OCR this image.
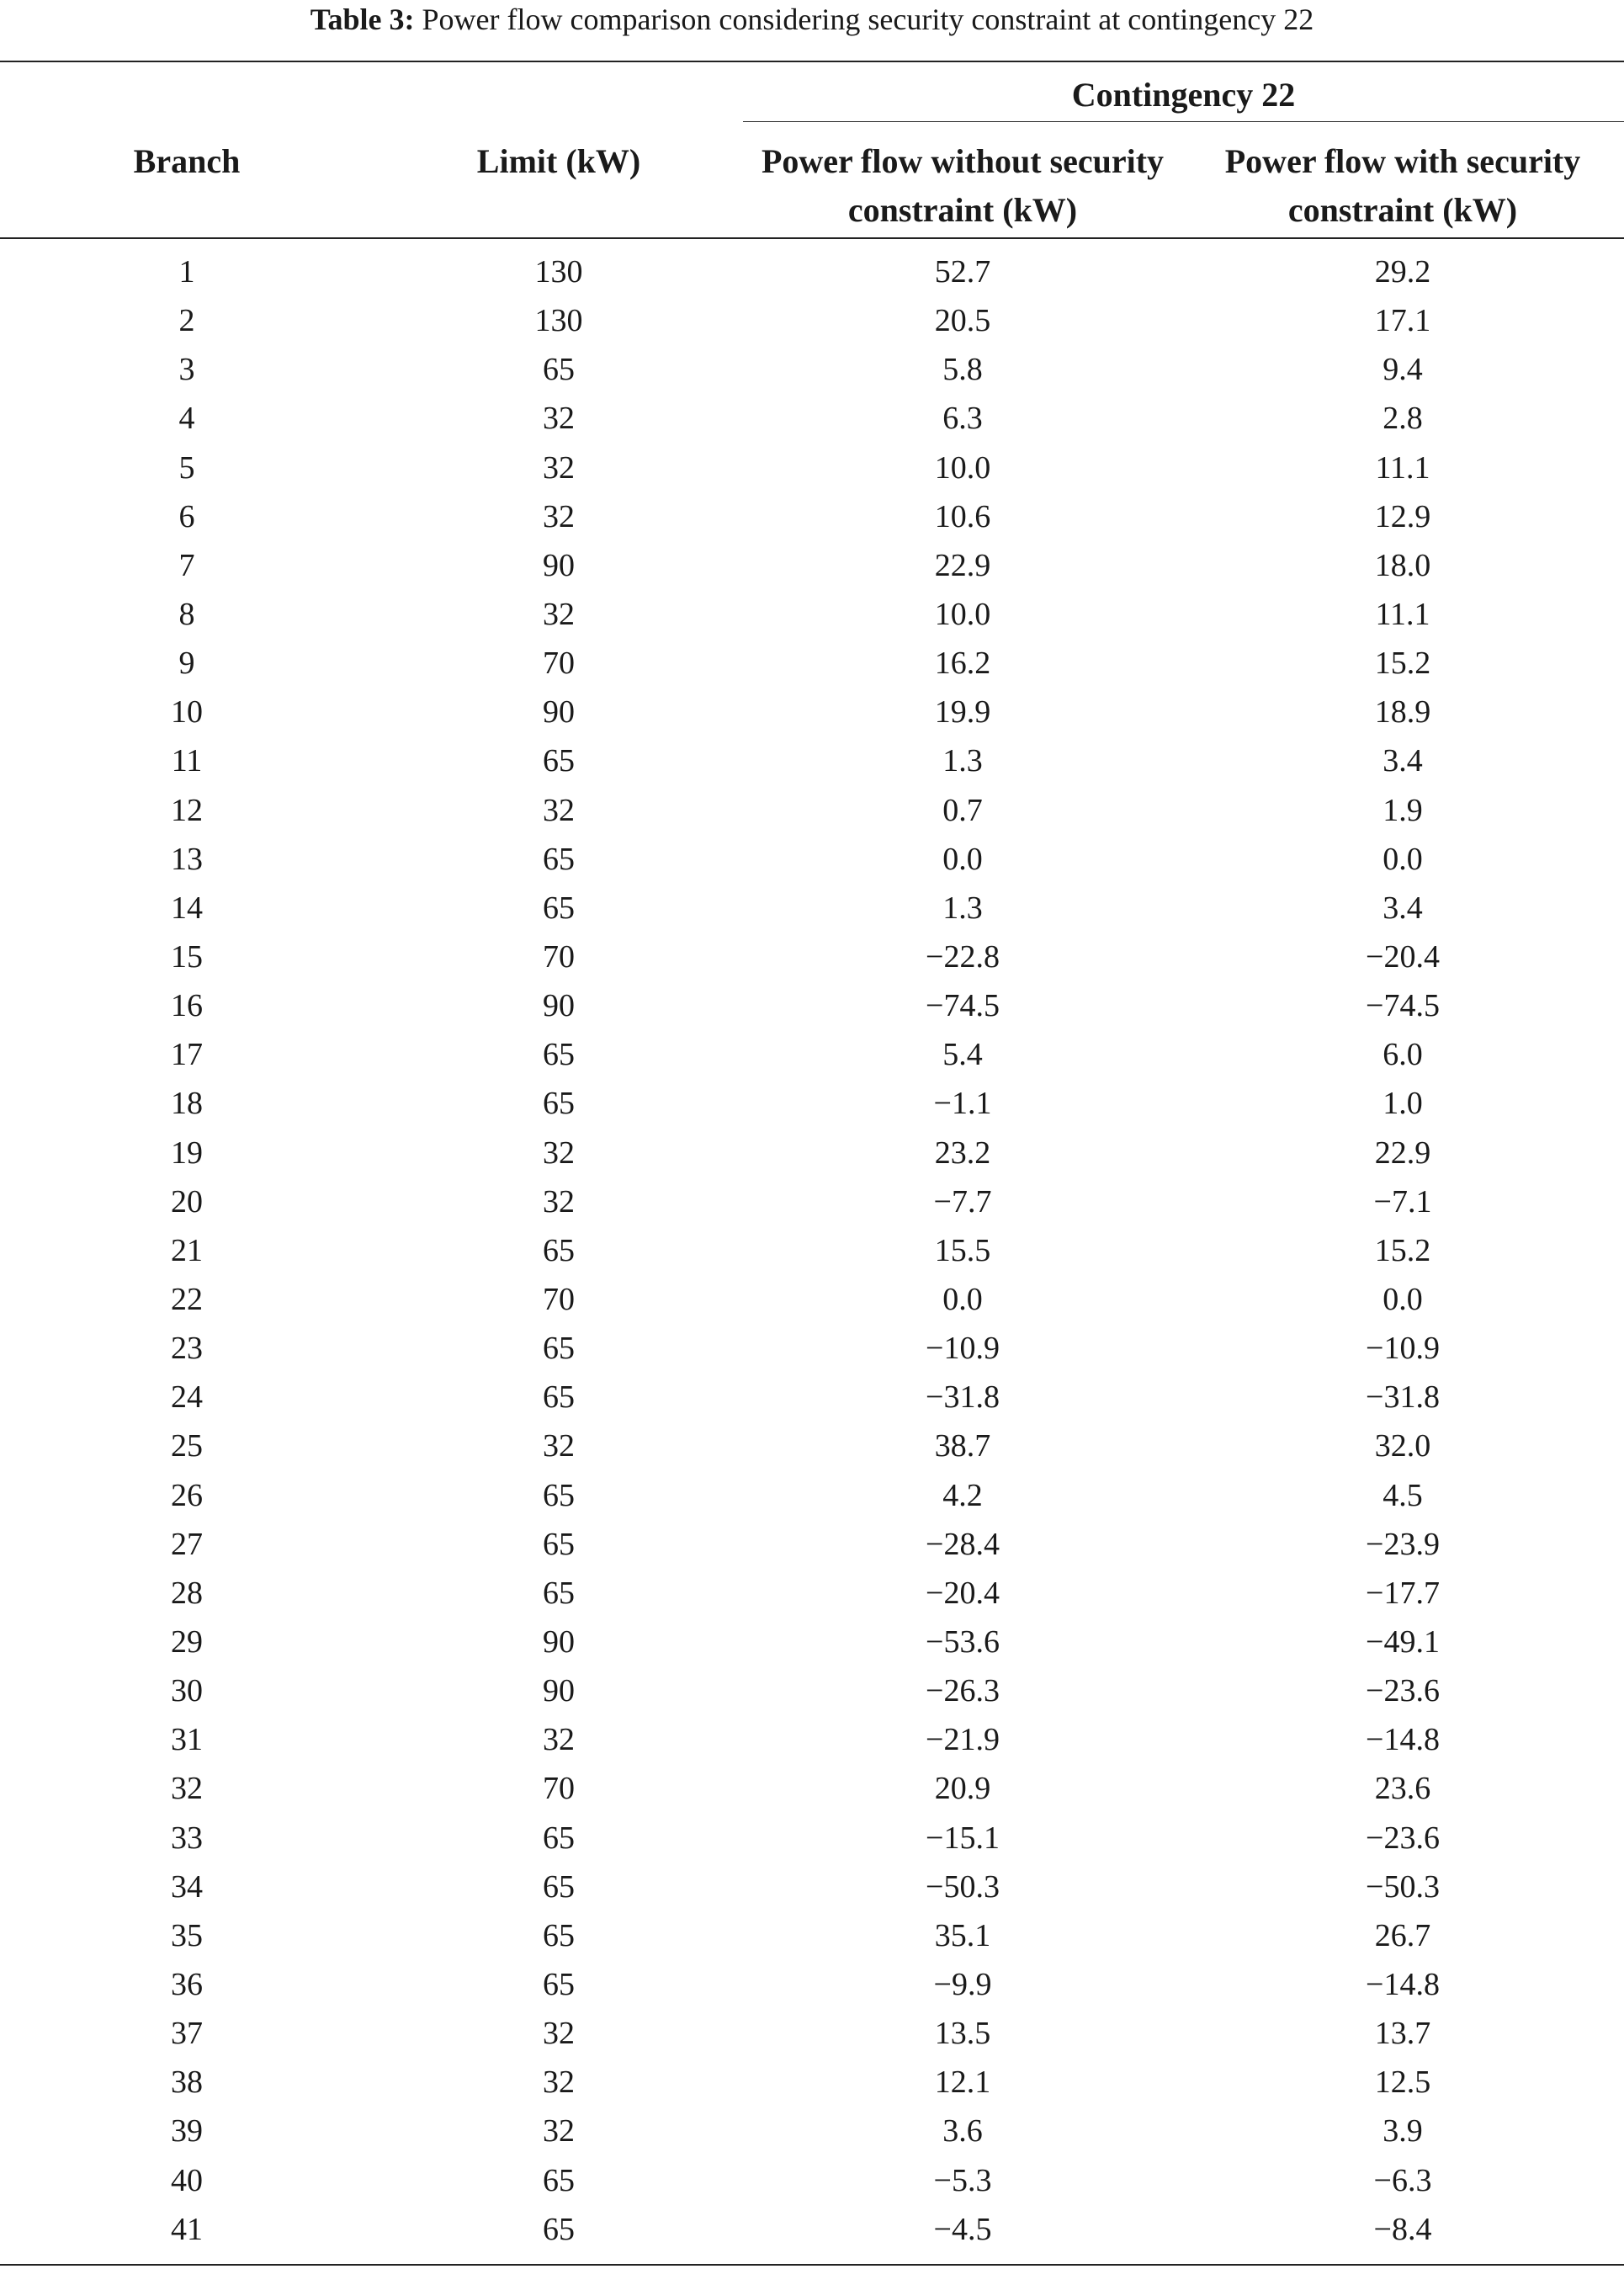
Table 3: Power flow comparison considering security constraint at contingency 22
Branch	Limit (kW)
Contingency 22
Power flow without security constraint (kW)
Power flow with security constraint (kW)
1	130	52.7	29.2
2	130	20.5	17.1
3	65	5.8	9.4
4	32	6.3	2.8
5	32	10.0	11.1
6	32	10.6	12.9
7	90	22.9	18.0
8	32	10.0	11.1
9	70	16.2	15.2
10	90	19.9	18.9
11	65	1.3	3.4
12	32	0.7	1.9
13	65	0.0	0.0
14	65	1.3	3.4
15	70	−22.8	−20.4
16	90	−74.5	−74.5
17	65	5.4	6.0
18	65	−1.1	1.0
19	32	23.2	22.9
20	32	−7.7	−7.1
21	65	15.5	15.2
22	70	0.0	0.0
23	65	−10.9	−10.9
24	65	−31.8	−31.8
25	32	38.7	32.0
26	65	4.2	4.5
27	65	−28.4	−23.9
28	65	−20.4	−17.7
29	90	−53.6	−49.1
30	90	−26.3	−23.6
31	32	−21.9	−14.8
32	70	20.9	23.6
33	65	−15.1	−23.6
34	65	−50.3	−50.3
35	65	35.1	26.7
36	65	−9.9	−14.8
37	32	13.5	13.7
38	32	12.1	12.5
39	32	3.6	3.9
40	65	−5.3	−6.3
41	65	−4.5	−8.4
